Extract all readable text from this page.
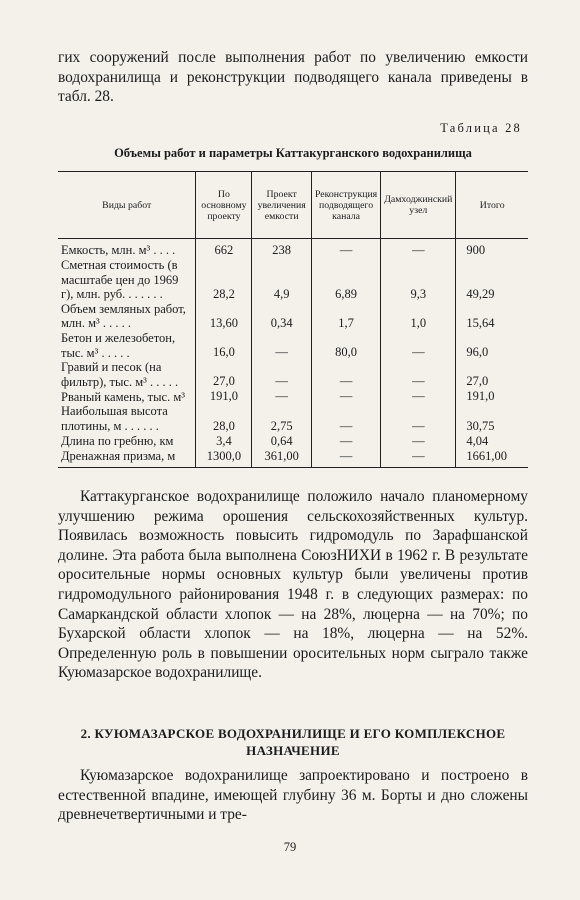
гих сооружений после выполнения работ по увеличению емкости водохранилища и реконструкции подводящего канала приведены в табл. 28.

Таблица 28
Объемы работ и параметры Каттакурганского водохранилища
Виды работ	По основному проекту	Проект увеличения емкости	Реконструкция подводящего канала	Дамходжинский узел	Итого
Емкость, млн. м³ . . . .	662	238	—	—	900
Сметная стоимость (в масштабе цен до 1969 г), млн. руб. . . . . . .	28,2	4,9	6,89	9,3	49,29
Объем земляных работ, млн. м³ . . . . .	13,60	0,34	1,7	1,0	15,64
Бетон и железобетон, тыс. м³ . . . . .	16,0	—	80,0	—	96,0
Гравий и песок (на фильтр), тыс. м³ . . . . .	27,0	—	—	—	27,0
Рваный камень, тыс. м³	191,0	—	—	—	191,0
Наибольшая высота плотины, м . . . . . .	28,0	2,75	—	—	30,75
Длина по гребню, км	3,4	0,64	—	—	4,04
Дренажная призма, м	1300,0	361,00	—	—	1661,00

Каттакурганское водохранилище положило начало планомерному улучшению режима орошения сельскохозяйственных культур. Появилась возможность повысить гидромодуль по Зарафшанской долине. Эта работа была выполнена СоюзНИХИ в 1962 г. В результате оросительные нормы основных культур были увеличены против гидромодульного районирования 1948 г. в следующих размерах: по Самаркандской области хлопок — на 28%, люцерна — на 70%; по Бухарской области хлопок — на 18%, люцерна — на 52%. Определенную роль в повышении оросительных норм сыграло также Куюмазарское водохранилище.

2. КУЮМАЗАРСКОЕ ВОДОХРАНИЛИЩЕ И ЕГО КОМПЛЕКСНОЕ НАЗНАЧЕНИЕ

Куюмазарское водохранилище запроектировано и построено в естественной впадине, имеющей глубину 36 м. Борты и дно сложены древнечетвертичными и тре-

79
